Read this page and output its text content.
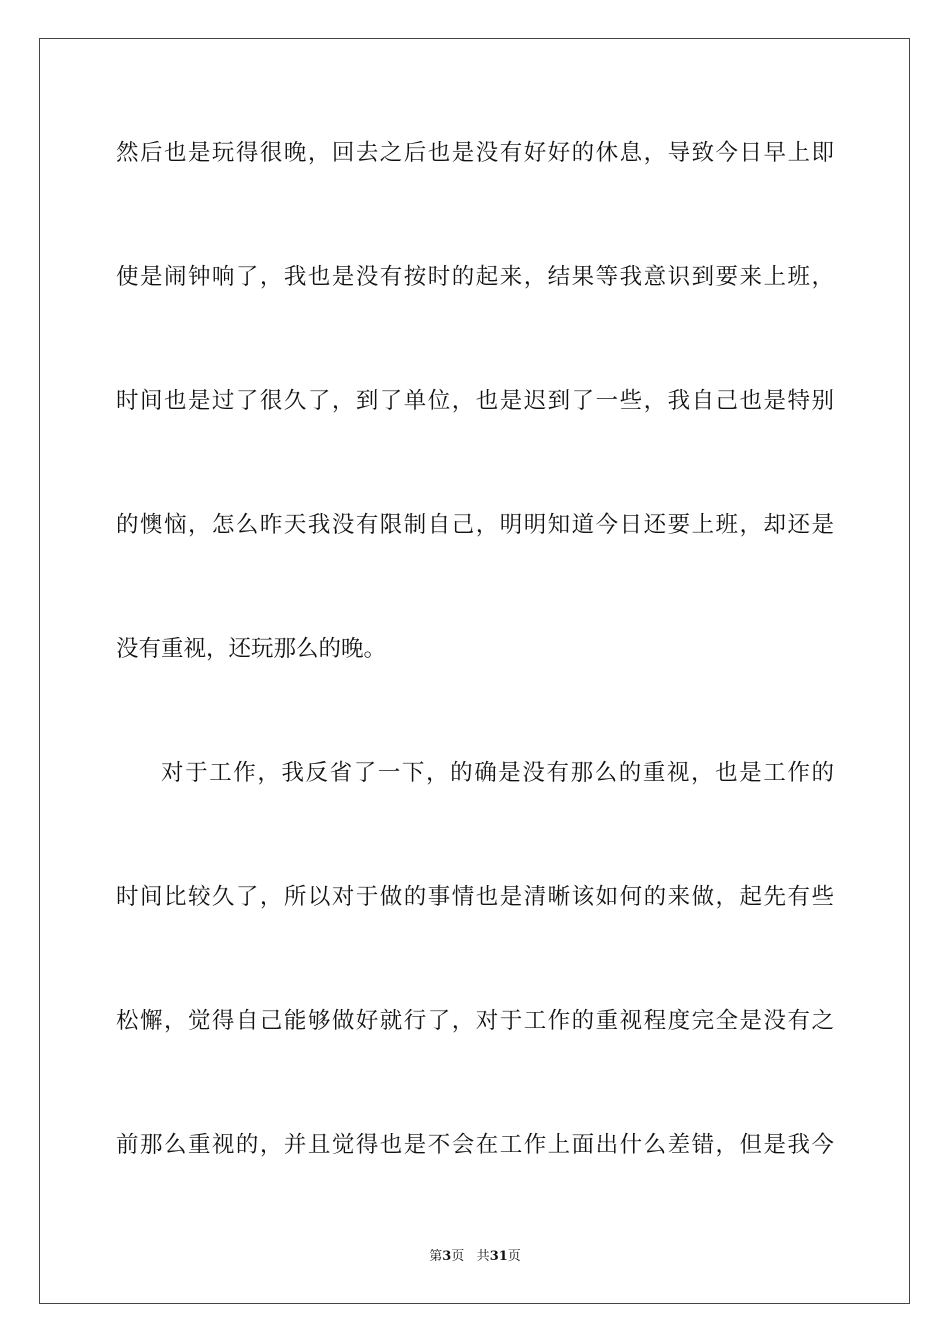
然后也是玩得很晚，回去之后也是没有好好的休息，导致今日早上即
使是闹钟响了，我也是没有按时的起来，结果等我意识到要来上班，
时间也是过了很久了，到了单位，也是迟到了一些，我自己也是特别
的懊恼，怎么昨天我没有限制自己，明明知道今日还要上班，却还是
没有重视，还玩那么的晚。
对于工作，我反省了一下，的确是没有那么的重视，也是工作的
时间比较久了，所以对于做的事情也是清晰该如何的来做，起先有些
松懈，觉得自己能够做好就行了，对于工作的重视程度完全是没有之
前那么重视的，并且觉得也是不会在工作上面出什么差错，但是我今
第3页 共31页
